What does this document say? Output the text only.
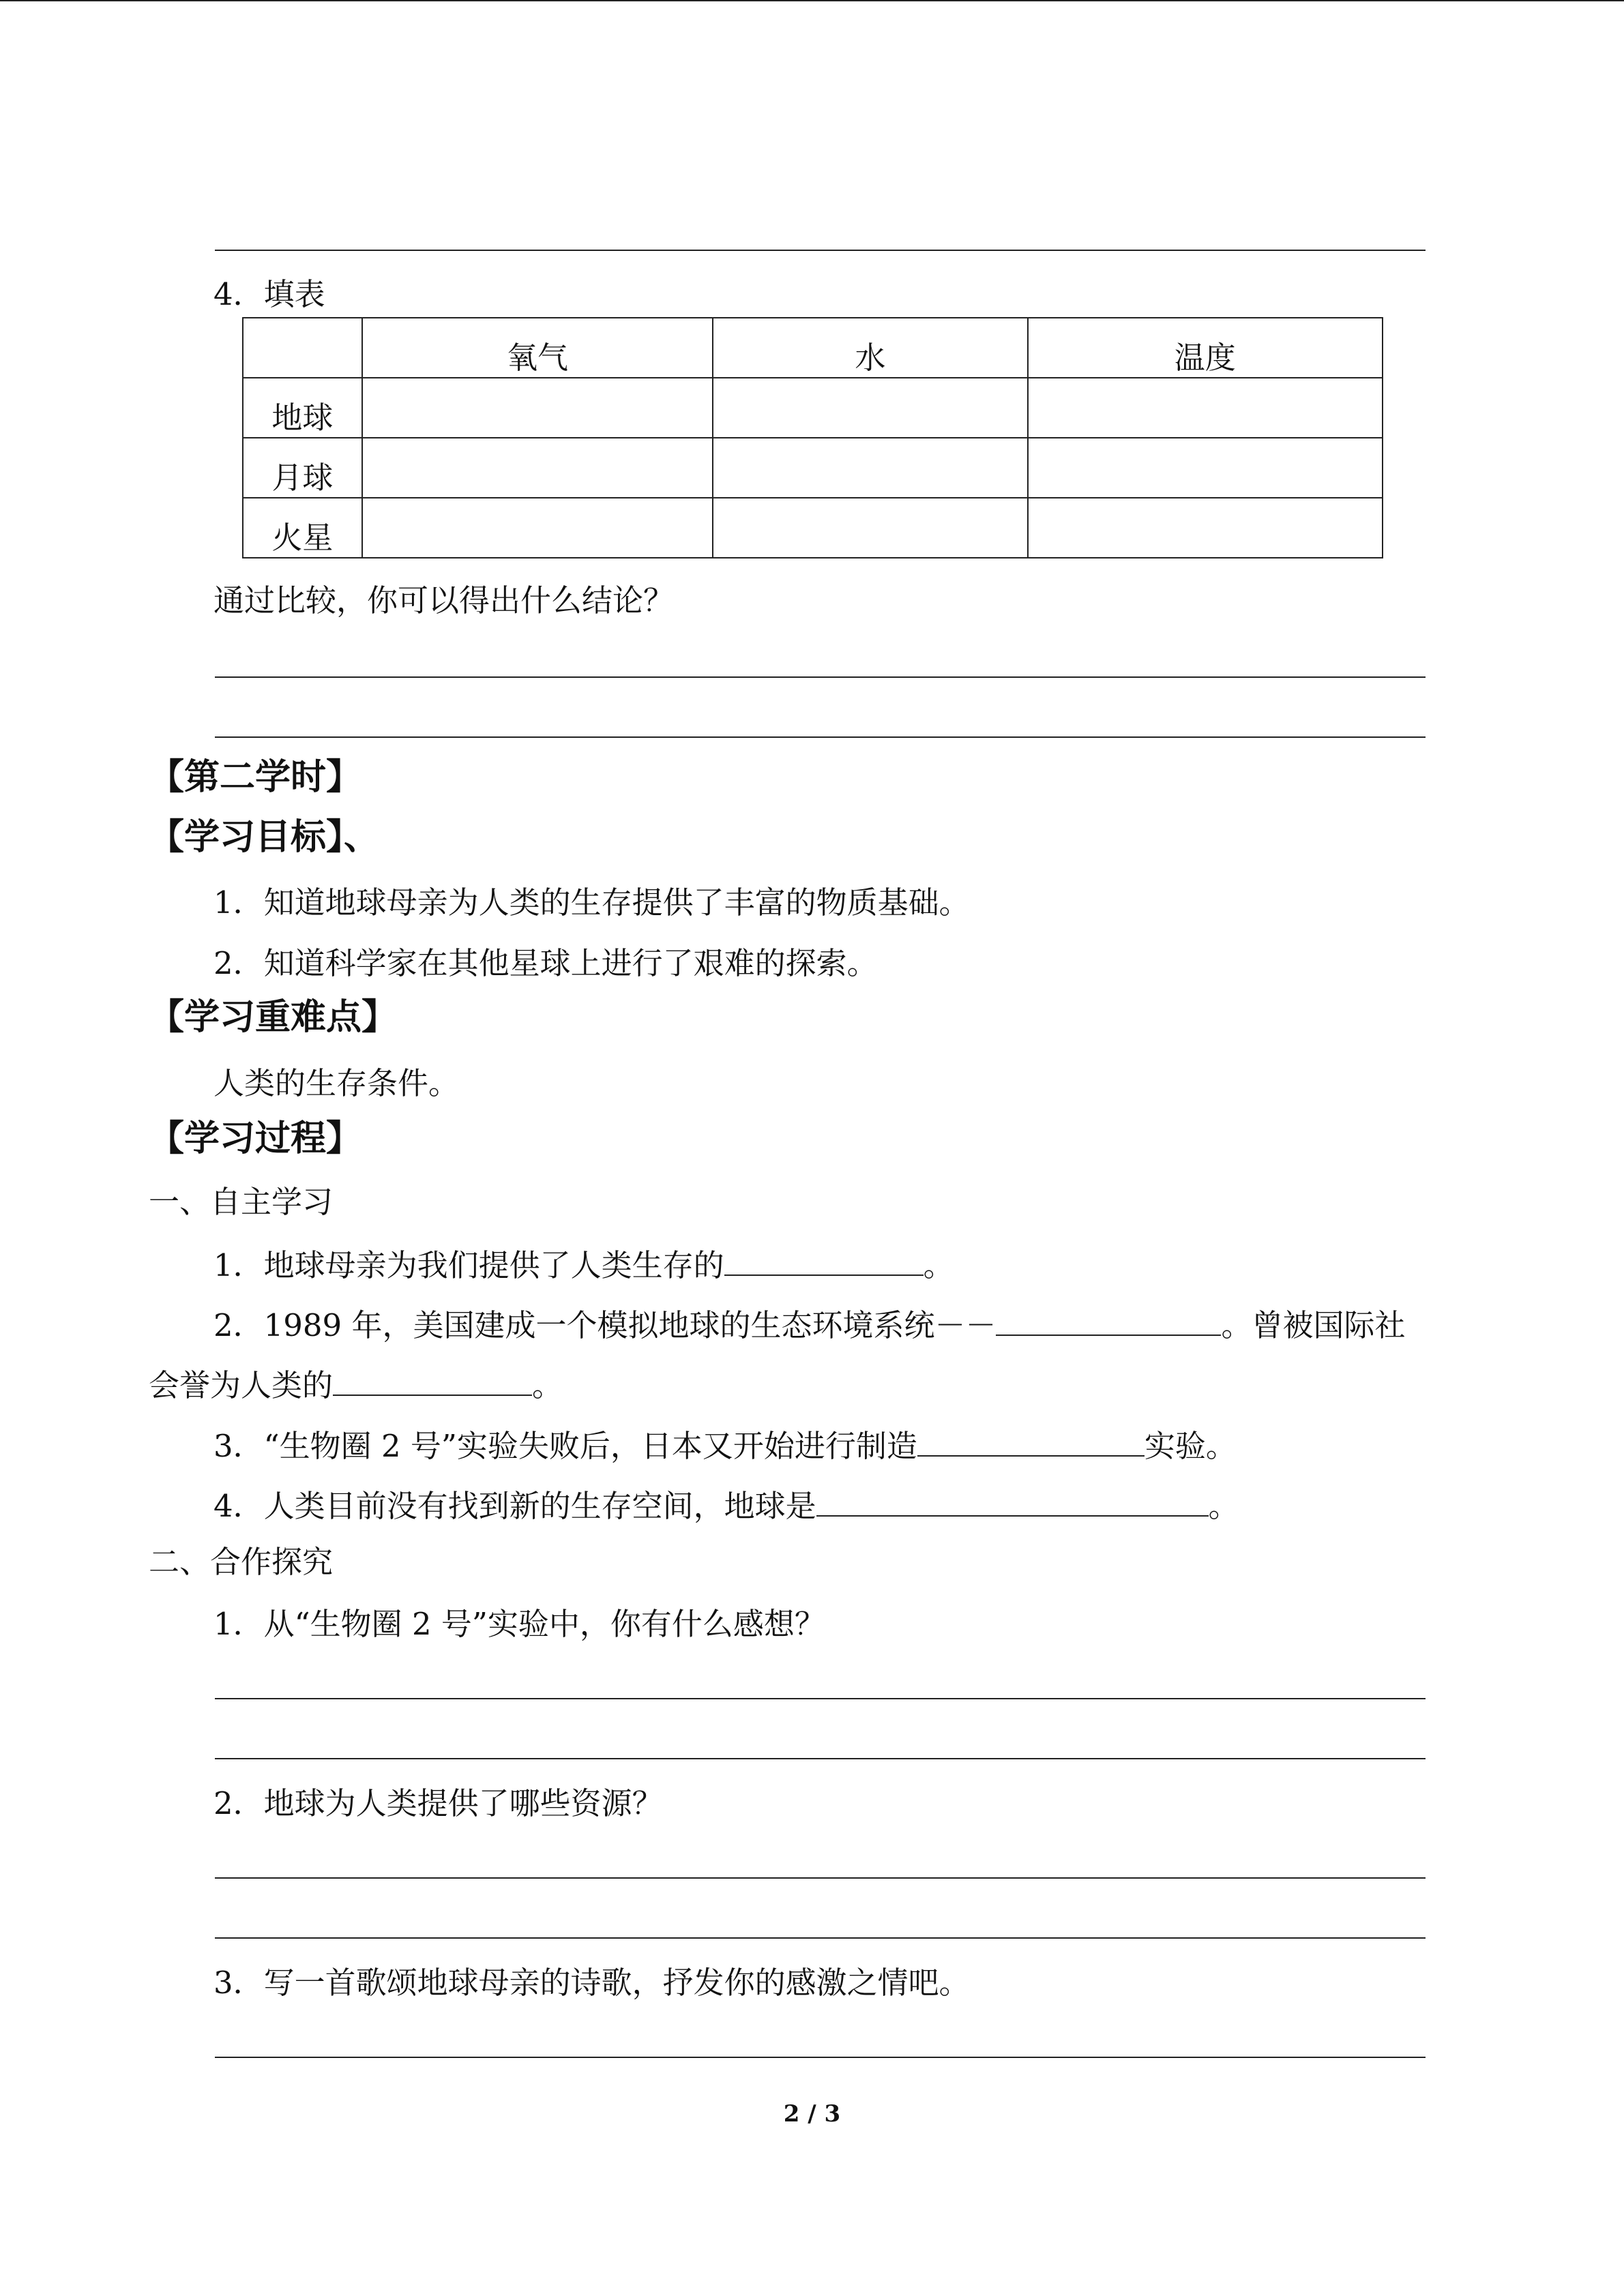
4．填表
	氧气	水	温度
地球			
月球			
火星			
通过比较，你可以得出什么结论？
【第二学时】
【学习目标】、
1．知道地球母亲为人类的生存提供了丰富的物质基础。
2．知道科学家在其他星球上进行了艰难的探索。
【学习重难点】
人类的生存条件。
【学习过程】
一、自主学习
1．地球母亲为我们提供了人类生存的	。
2．1989 年，美国建成一个模拟地球的生态环境系统－－	。曾被国际社
会誉为人类的	。
3．“生物圈 2 号”实验失败后，日本又开始进行制造	实验。
4．人类目前没有找到新的生存空间，地球是	。
二、合作探究
1．从“生物圈 2 号”实验中，你有什么感想？
2．地球为人类提供了哪些资源？
3．写一首歌颂地球母亲的诗歌，抒发你的感激之情吧。
2 / 3
